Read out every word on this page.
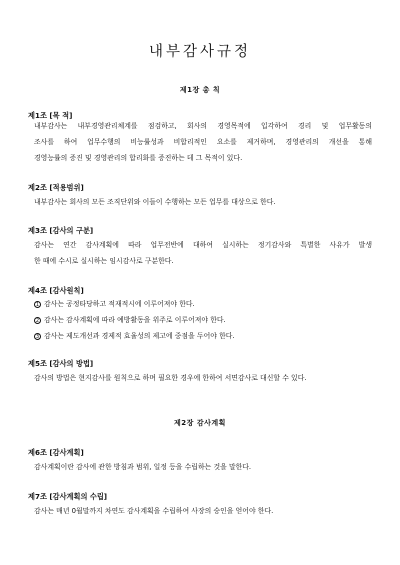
내부감사규정
제1장 총 칙
제1조 [목 적]
내부감사는 내부경영관리체계를 점검하고, 회사의 경영목적에 입각하여 경리 및 업무활동의
조사를 하여 업무수행의 비능률성과 비합리적인 요소를 제거하며, 경영관리의 개선을 통해
경영능률의 증진 및 경영관리의 합리화를 증진하는 데 그 목적이 있다.
제2조 [적용범위]
내부감사는 회사의 모든 조직단위와 이들이 수행하는 모든 업무를 대상으로 한다.
제3조 [감사의 구분]
감사는 연간 감사계획에 따라 업무전반에 대하여 실시하는 정기감사와 특별한 사유가 발생
한 때에 수시로 실시하는 임시감사로 구분한다.
제4조 [감사원칙]
1 감사는 공정타당하고 적재적시에 이루어져야 한다.
2 감사는 감사계획에 따라 예방활동을 위주로 이루어져야 한다.
3 감사는 제도개선과 경제적 효율성의 제고에 중점을 두어야 한다.
제5조 [감사의 방법]
감사의 방법은 현지감사를 원칙으로 하며 필요한 경우에 한하여 서면감사로 대신할 수 있다.
제2장 감사계획
제6조 [감사계획]
감사계획이란 감사에 관한 방침과 범위, 일정 등을 수립하는 것을 말한다.
제7조 [감사계획의 수립]
감사는 매년 0월말까지 차연도 감사계획을 수립하여 사장의 승인을 얻어야 한다.
